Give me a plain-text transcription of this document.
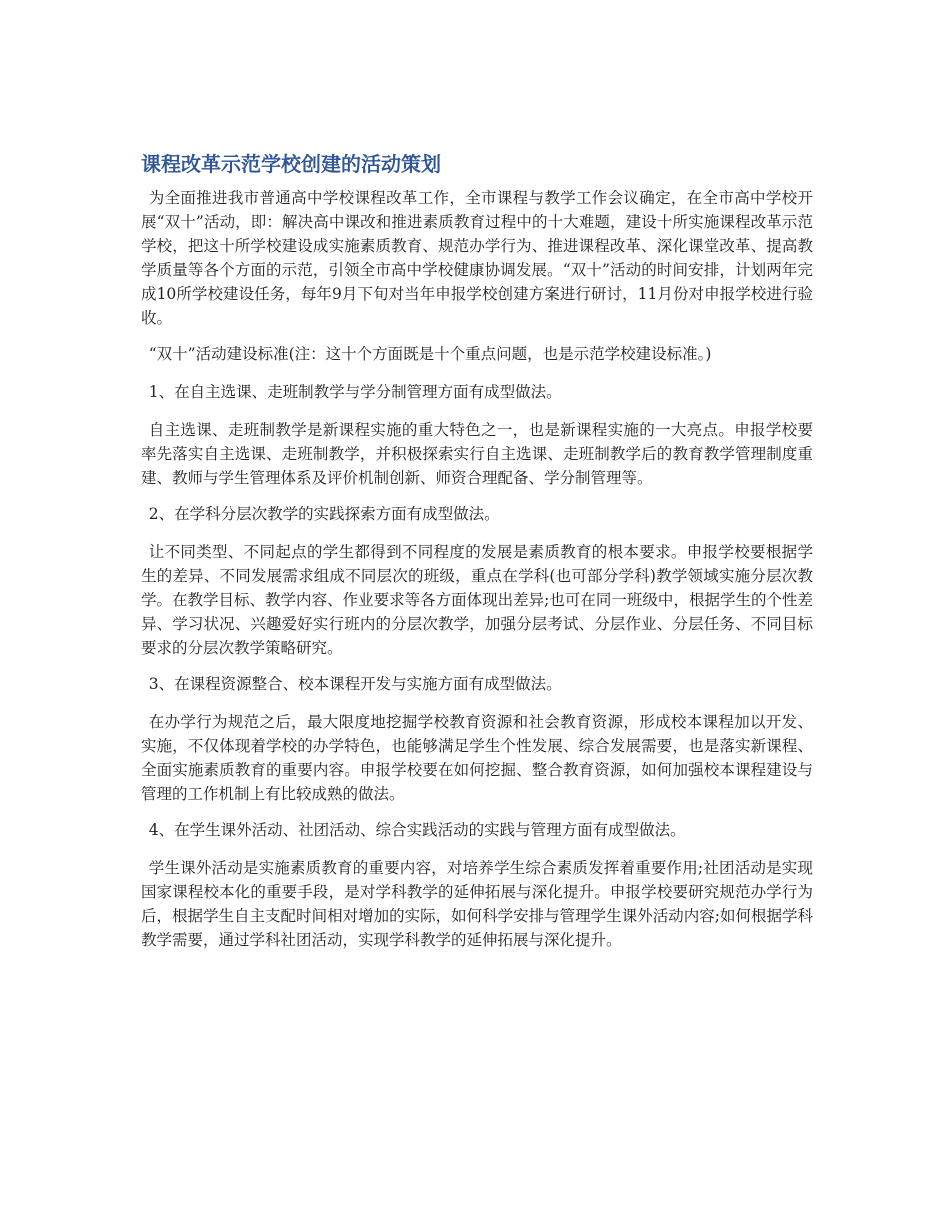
课程改革示范学校创建的活动策划

为全面推进我市普通高中学校课程改革工作，全市课程与教学工作会议确定，在全市高中学校开展“双十”活动，即：解决高中课改和推进素质教育过程中的十大难题，建设十所实施课程改革示范学校，把这十所学校建设成实施素质教育、规范办学行为、推进课程改革、深化课堂改革、提高教学质量等各个方面的示范，引领全市高中学校健康协调发展。“双十”活动的时间安排，计划两年完成10所学校建设任务，每年9月下旬对当年申报学校创建方案进行研讨，11月份对申报学校进行验收。

“双十”活动建设标准(注：这十个方面既是十个重点问题，也是示范学校建设标准。)

1、在自主选课、走班制教学与学分制管理方面有成型做法。

自主选课、走班制教学是新课程实施的重大特色之一，也是新课程实施的一大亮点。申报学校要率先落实自主选课、走班制教学，并积极探索实行自主选课、走班制教学后的教育教学管理制度重建、教师与学生管理体系及评价机制创新、师资合理配备、学分制管理等。

2、在学科分层次教学的实践探索方面有成型做法。

让不同类型、不同起点的学生都得到不同程度的发展是素质教育的根本要求。申报学校要根据学生的差异、不同发展需求组成不同层次的班级，重点在学科(也可部分学科)教学领域实施分层次教学。在教学目标、教学内容、作业要求等各方面体现出差异;也可在同一班级中，根据学生的个性差异、学习状况、兴趣爱好实行班内的分层次教学，加强分层考试、分层作业、分层任务、不同目标要求的分层次教学策略研究。

3、在课程资源整合、校本课程开发与实施方面有成型做法。

在办学行为规范之后，最大限度地挖掘学校教育资源和社会教育资源，形成校本课程加以开发、实施，不仅体现着学校的办学特色，也能够满足学生个性发展、综合发展需要，也是落实新课程、全面实施素质教育的重要内容。申报学校要在如何挖掘、整合教育资源，如何加强校本课程建设与管理的工作机制上有比较成熟的做法。

4、在学生课外活动、社团活动、综合实践活动的实践与管理方面有成型做法。

学生课外活动是实施素质教育的重要内容，对培养学生综合素质发挥着重要作用;社团活动是实现国家课程校本化的重要手段，是对学科教学的延伸拓展与深化提升。申报学校要研究规范办学行为后，根据学生自主支配时间相对增加的实际，如何科学安排与管理学生课外活动内容;如何根据学科教学需要，通过学科社团活动，实现学科教学的延伸拓展与深化提升。
